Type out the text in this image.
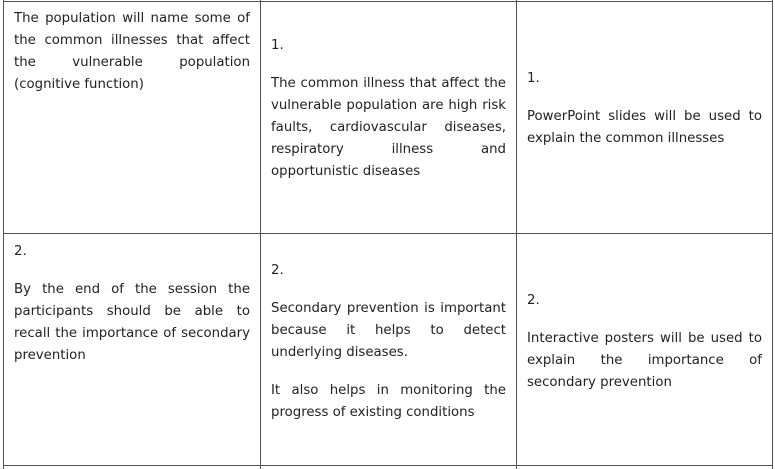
The population will name some of the common illnesses that affect the vulnerable population (cognitive function)

1.

The common illness that affect the vulnerable population are high risk faults, cardiovascular diseases, respiratory illness and opportunistic diseases

1.

PowerPoint slides will be used to explain the common illnesses

2.

By the end of the session the participants should be able to recall the importance of secondary prevention

2.

Secondary prevention is important because it helps to detect underlying diseases.

It also helps in monitoring the progress of existing conditions

2.

Interactive posters will be used to explain the importance of secondary prevention
